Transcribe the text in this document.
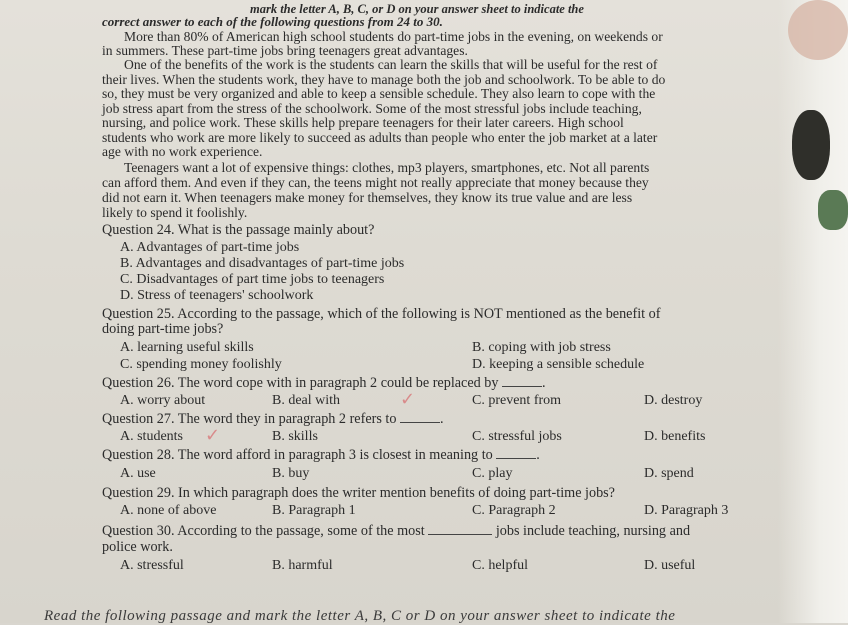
mark the letter A, B, C, or D on your answer sheet to indicate the
correct answer to each of the following questions from 24 to 30.
More than 80% of American high school students do part-time jobs in the evening, on weekends or
in summers. These part-time jobs bring teenagers great advantages.
One of the benefits of the work is the students can learn the skills that will be useful for the rest of
their lives. When the students work, they have to manage both the job and schoolwork. To be able to do
so, they must be very organized and able to keep a sensible schedule. They also learn to cope with the
job stress apart from the stress of the schoolwork. Some of the most stressful jobs include teaching,
nursing, and police work. These skills help prepare teenagers for their later careers. High school
students who work are more likely to succeed as adults than people who enter the job market at a later
age with no work experience.
Teenagers want a lot of expensive things: clothes, mp3 players, smartphones, etc. Not all parents
can afford them. And even if they can, the teens might not really appreciate that money because they
did not earn it. When teenagers make money for themselves, they know its true value and are less
likely to spend it foolishly.
Question 24. What is the passage mainly about?
A. Advantages of part-time jobs
B. Advantages and disadvantages of part-time jobs
C. Disadvantages of part time jobs to teenagers
D. Stress of teenagers' schoolwork
Question 25. According to the passage, which of the following is NOT mentioned as the benefit of
doing part-time jobs?
A. learning useful skills	B. coping with job stress
C. spending money foolishly	D. keeping a sensible schedule
Question 26. The word cope with in paragraph 2 could be replaced by	.
A. worry about	B. deal with	C. prevent from	D. destroy
✓
Question 27. The word they in paragraph 2 refers to	.
A. students	B. skills	C. stressful jobs	D. benefits
✓
Question 28. The word afford in paragraph 3 is closest in meaning to	.
A. use	B. buy	C. play	D. spend
Question 29. In which paragraph does the writer mention benefits of doing part-time jobs?
A. none of above	B. Paragraph 1	C. Paragraph 2	D. Paragraph 3
Question 30. According to the passage, some of the most	jobs include teaching, nursing and
police work.
A. stressful	B. harmful	C. helpful	D. useful
Read the following passage and mark the letter A, B, C or D on your answer sheet to indicate the
